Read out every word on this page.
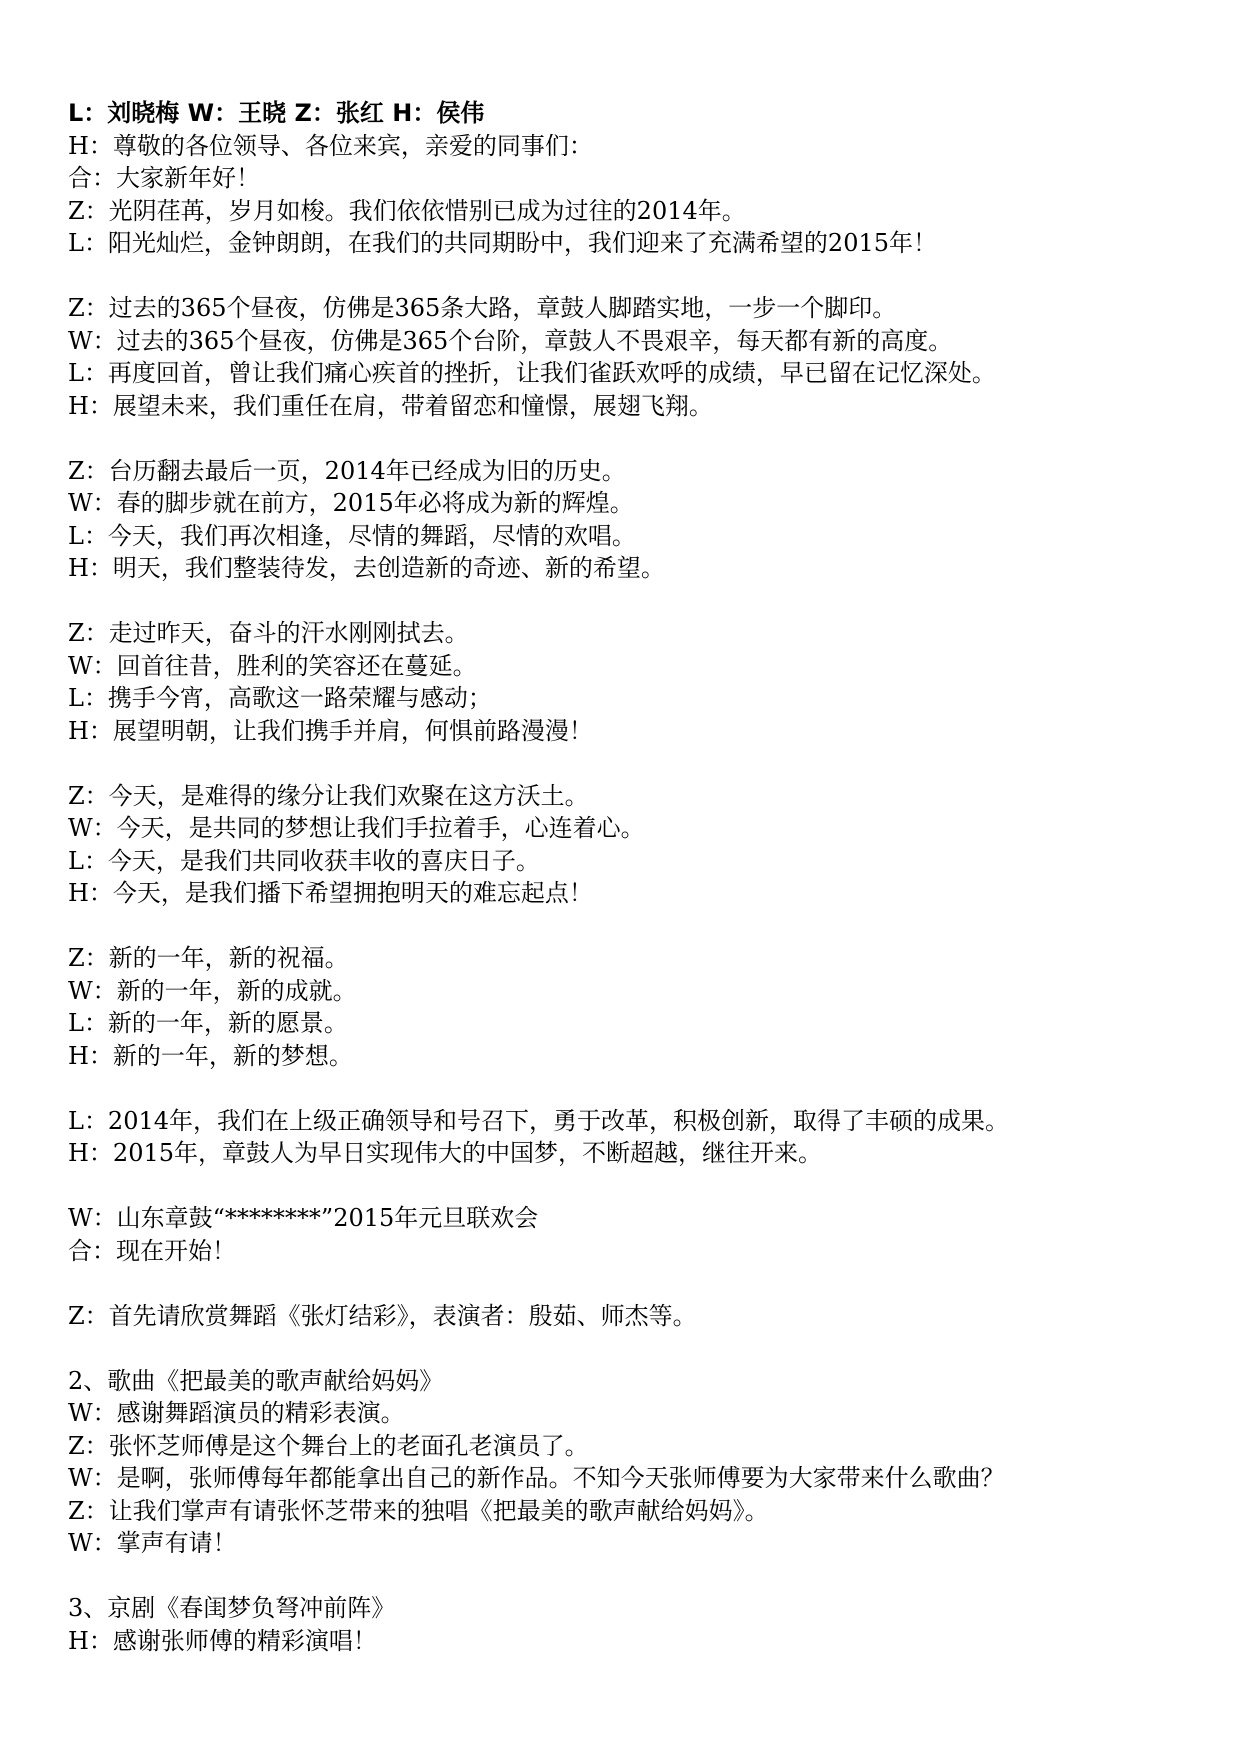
L：刘晓梅 W：王晓 Z：张红 H：侯伟
H：尊敬的各位领导、各位来宾，亲爱的同事们：
合：大家新年好！
Z：光阴荏苒，岁月如梭。我们依依惜别已成为过往的2014年。
L：阳光灿烂，金钟朗朗，在我们的共同期盼中，我们迎来了充满希望的2015年！
Z：过去的365个昼夜，仿佛是365条大路，章鼓人脚踏实地，一步一个脚印。
W：过去的365个昼夜，仿佛是365个台阶，章鼓人不畏艰辛，每天都有新的高度。
L：再度回首，曾让我们痛心疾首的挫折，让我们雀跃欢呼的成绩，早已留在记忆深处。
H：展望未来，我们重任在肩，带着留恋和憧憬，展翅飞翔。
Z：台历翻去最后一页，2014年已经成为旧的历史。
W：春的脚步就在前方，2015年必将成为新的辉煌。
L：今天，我们再次相逢，尽情的舞蹈，尽情的欢唱。
H：明天，我们整装待发，去创造新的奇迹、新的希望。
Z：走过昨天，奋斗的汗水刚刚拭去。
W：回首往昔，胜利的笑容还在蔓延。
L：携手今宵，高歌这一路荣耀与感动；
H：展望明朝，让我们携手并肩，何惧前路漫漫！
Z：今天，是难得的缘分让我们欢聚在这方沃土。
W：今天，是共同的梦想让我们手拉着手，心连着心。
L：今天，是我们共同收获丰收的喜庆日子。
H：今天，是我们播下希望拥抱明天的难忘起点！
Z：新的一年，新的祝福。
W：新的一年，新的成就。
L：新的一年，新的愿景。
H：新的一年，新的梦想。
L：2014年，我们在上级正确领导和号召下，勇于改革，积极创新，取得了丰硕的成果。
H：2015年，章鼓人为早日实现伟大的中国梦，不断超越，继往开来。
W：山东章鼓“********”2015年元旦联欢会
合：现在开始！
Z：首先请欣赏舞蹈《张灯结彩》，表演者：殷茹、师杰等。
2、歌曲《把最美的歌声献给妈妈》
W：感谢舞蹈演员的精彩表演。
Z：张怀芝师傅是这个舞台上的老面孔老演员了。
W：是啊，张师傅每年都能拿出自己的新作品。不知今天张师傅要为大家带来什么歌曲？
Z：让我们掌声有请张怀芝带来的独唱《把最美的歌声献给妈妈》。
W：掌声有请！
3、京剧《春闺梦负弩冲前阵》
H：感谢张师傅的精彩演唱！
